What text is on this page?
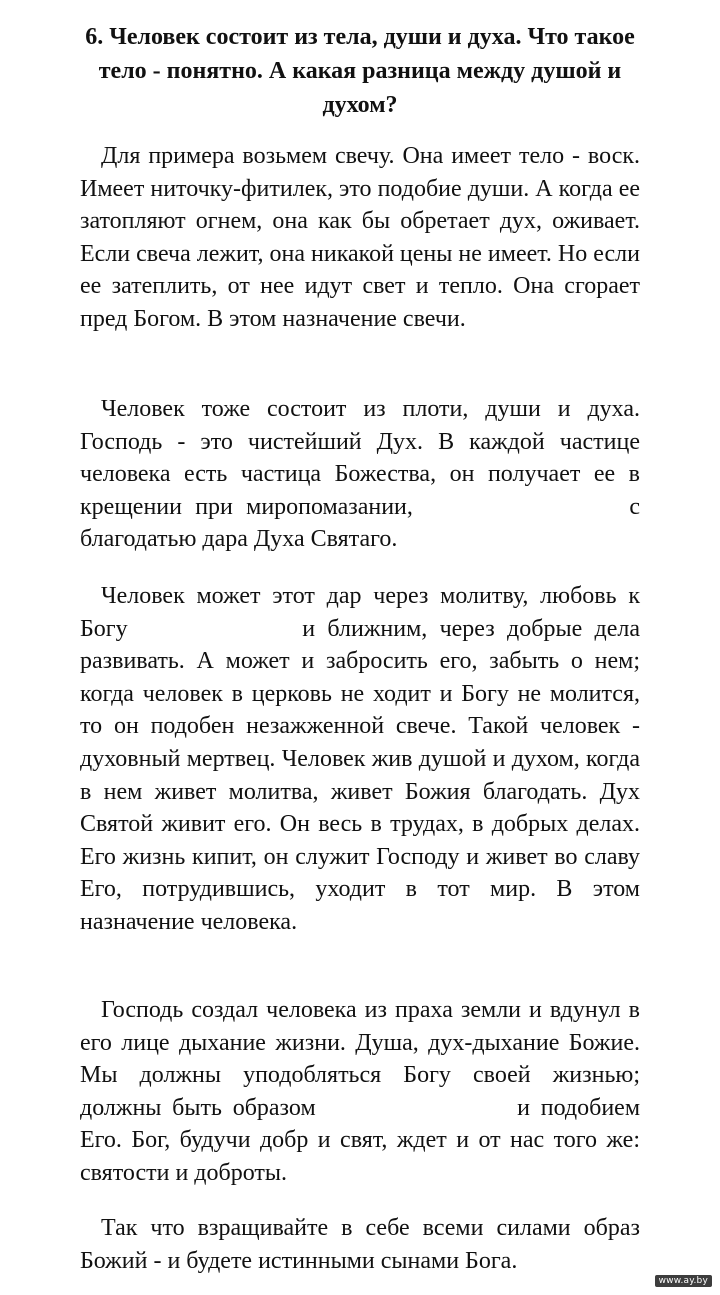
6. Человек состоит из тела, души и духа. Что такое тело - понятно. А какая разница между душой и духом?

Для примера возьмем свечу. Она имеет тело - воск. Имеет ниточку-фитилек, это подобие души. А когда ее затопляют огнем, она как бы обретает дух, оживает. Если свеча лежит, она никакой цены не имеет. Но если ее затеплить, от нее идут свет и тепло. Она сгорает пред Богом. В этом назначение свечи.

Человек тоже состоит из плоти, души и духа. Господь - это чистейший Дух. В каждой частице человека есть частица Божества, он получает ее в крещении при миропомазании,	с благодатью дара Духа Святаго.

Человек может этот дар через молитву, любовь к Богу	и ближним, через добрые дела развивать. А может и забросить его, забыть о нем; когда человек в церковь не ходит и Богу не молится, то он подобен незажженной свече. Такой человек - духовный мертвец. Человек жив душой и духом, когда в нем живет молитва, живет Божия благодать. Дух Святой живит его. Он весь в трудах, в добрых делах. Его жизнь кипит, он служит Господу и живет во славу Его, потрудившись, уходит в тот мир. В этом назначение человека.

Господь создал человека из праха земли и вдунул в его лице дыхание жизни. Душа, дух-дыхание Божие. Мы должны уподобляться Богу своей жизнью; должны быть образом	и подобием Его. Бог, будучи добр и свят, ждет и от нас того же: святости и доброты.

Так что взращивайте в себе всеми силами образ Божий - и будете истинными сынами Бога.

www.ay.by
